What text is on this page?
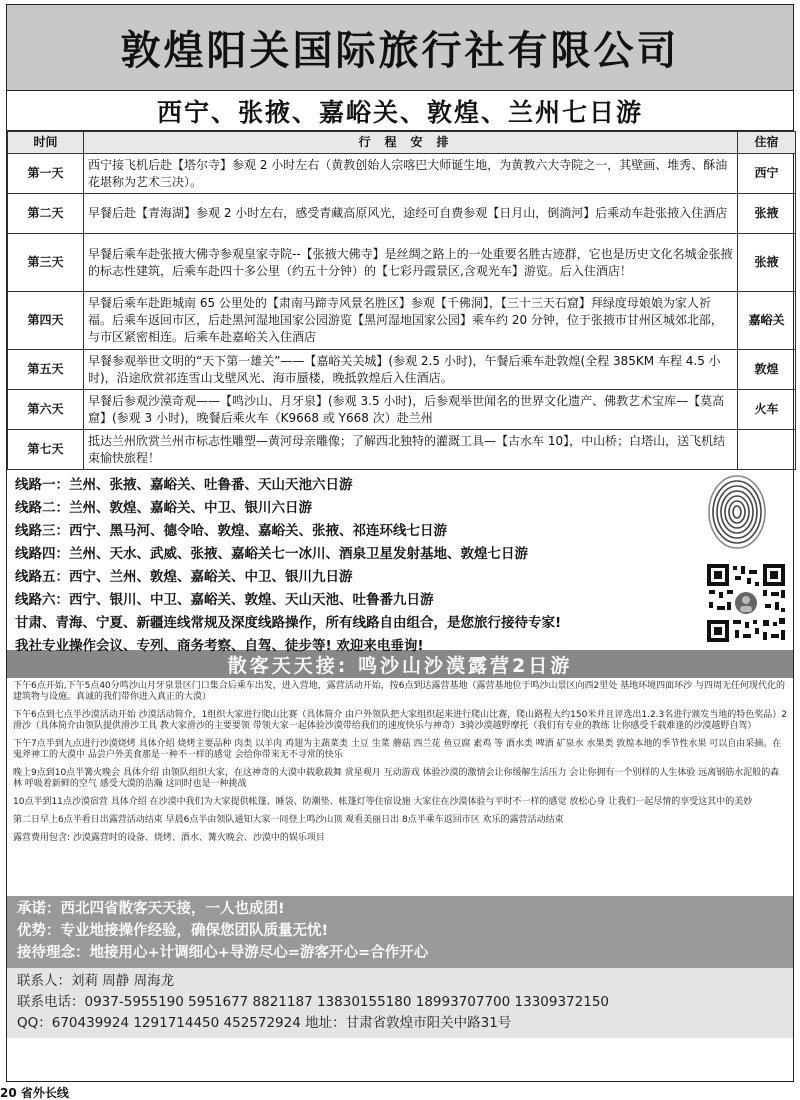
敦煌阳关国际旅行社有限公司
西宁、张掖、嘉峪关、敦煌、兰州七日游
时间	行程安排	住宿
第一天	西宁接飞机后赴【塔尔寺】参观 2 小时左右（黄教创始人宗喀巴大师诞生地，为黄教六大寺院之一，其壁画、堆秀、酥油花堪称为艺术三决）。	西宁
第二天	早餐后赴【青海湖】参观 2 小时左右，感受青藏高原风光，途经可自费参观【日月山，倒淌河】后乘动车赴张掖入住酒店	张掖
第三天	早餐后乘车赴张掖大佛寺参观皇家寺院--【张掖大佛寺】是丝绸之路上的一处重要名胜古迹群，它也是历史文化名城金张掖的标志性建筑，后乘车赴四十多公里（约五十分钟）的【七彩丹霞景区,含观光车】游览。后入住酒店！	张掖
第四天	早餐后乘车赴距城南 65 公里处的【肃南马蹄寺风景名胜区】参观【千佛洞】，【三十三天石窟】拜绿度母娘娘为家人祈福。后乘车返回市区，后赴黑河湿地国家公园游览【黑河湿地国家公园】乘车约 20 分钟，位于张掖市甘州区城郊北部，与市区紧密相连。后乘车赴嘉峪关入住酒店	嘉峪关
第五天	早餐参观举世文明的“天下第一雄关”——【嘉峪关关城】(参观 2.5 小时)，午餐后乘车赴敦煌(全程 385KM 车程 4.5 小时)，沿途欣赏祁连雪山戈壁风光、海市蜃楼，晚抵敦煌后入住酒店。	敦煌
第六天	早餐后参观沙漠奇观——【鸣沙山、月牙泉】(参观 3.5 小时)，后参观举世闻名的世界文化遗产、佛教艺术宝库—【莫高窟】(参观 3 小时)，晚餐后乘火车（K9668 或 Y668 次）赴兰州	火车
第七天	抵达兰州欣赏兰州市标志性雕塑—黄河母亲雕像；了解西北独特的灌溉工具—【古水车 10】，中山桥；白塔山，送飞机结束愉快旅程！	
线路一：兰州、张掖、嘉峪关、吐鲁番、天山天池六日游
线路二：兰州、敦煌、嘉峪关、中卫、银川六日游
线路三：西宁、黑马河、德令哈、敦煌、嘉峪关、张掖、祁连环线七日游
线路四：兰州、天水、武威、张掖、嘉峪关七一冰川、酒泉卫星发射基地、敦煌七日游
线路五：西宁、兰州、敦煌、嘉峪关、中卫、银川九日游
线路六：西宁、银川、中卫、嘉峪关、敦煌、天山天池、吐鲁番九日游
甘肃、青海、宁夏、新疆连线常规及深度线路操作，所有线路自由组合，是您旅行接待专家!
我社专业操作会议、专列、商务考察、自驾、徒步等! 欢迎来电垂询!
散客天天接: 鸣沙山沙漠露营2日游

下午6点开始,下午5点40分鸣沙山月牙泉景区门口集合后乘车出发，进入营地，露营活动开始，按6点到达露营基地（露营基地位于鸣沙山景区向西2里处 基地环境四面环沙 与四周无任何现代化的建筑物与设施。真诚的我们带你进入真正的大漠）

下午6点到七点半沙漠活动开始 沙漠活动简介，1组织大家进行爬山比赛（具体简介 由户外领队把大家组织起来进行爬山比赛，爬山路程大约150米并且评选出1.2.3名进行颁发当地的特色奖品）2滑沙（具体简介由领队提供滑沙工具 教大家滑沙的主要要领 带领大家一起体验沙漠带给我们的速度快乐与神奇）3骑沙漠越野摩托（我们有专业的教练 让你感受千载难逢的沙漠越野自驾）

下午7点半到九点进行沙漠烧烤 具体介绍 烧烤主要品种 肉类 以羊肉 鸡翅为主蔬菜类 土豆 生菜 蘑菇 西兰花 鱼豆腐 素鸡 等 酒水类 啤酒 矿泉水 水果类 敦煌本地的季节性水果 可以自由采摘。在鬼斧神工的大漠中 品尝户外美食那是一种不一样的感觉 会给你带来无不寻常的快乐

晚上9点到10点半篝火晚会 具体介绍 由领队组织大家，在这神奇的大漠中载歌载舞 赏星观月 互动游戏 体验沙漠的激情会让你缓解生活压力 会让你拥有一个别样的人生体验 远离钢筋水泥般的森林 呼吸着新鲜的空气 感受大漠的浩瀚 这同时也是一种挑战

10点半到11点沙漠宿营 具体介绍 在沙漠中我们为大家提供帐篷、睡袋、防潮垫、帐篷灯等住宿设施 大家住在沙漠体验与平时不一样的感觉 放松心身 让我们一起尽情的享受这其中的美妙

第二日早上6点半看日出露营活动结束 早晨6点半由领队通知大家一同登上鸣沙山顶 观看美丽日出 8点半乘车返回市区 欢乐的露营活动结束

露营费用包含: 沙漠露营时的设备、烧烤、酒水、篝火晚会、沙漠中的娱乐项目

承诺：西北四省散客天天接，一人也成团!
优势：专业地接操作经验，确保您团队质量无忧!
接待理念：地接用心+计调细心+导游尽心=游客开心=合作开心
联系人：刘莉 周静 周海龙
联系电话：0937-5955190 5951677 8821187 13830155180 18993707700 13309372150
QQ：670439924 1291714450 452572924 地址：甘肃省敦煌市阳关中路31号
20 省外长线
